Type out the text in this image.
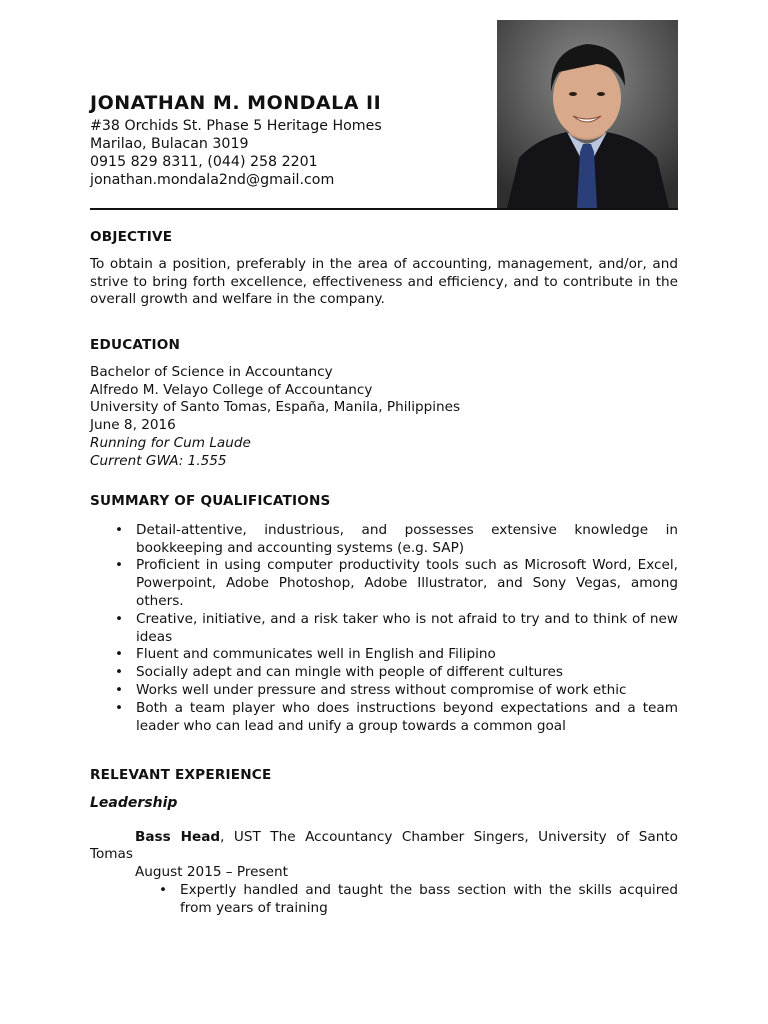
JONATHAN M. MONDALA II
#38 Orchids St. Phase 5 Heritage Homes
Marilao, Bulacan 3019
0915 829 8311, (044) 258 2201
jonathan.mondala2nd@gmail.com
OBJECTIVE
To obtain a position, preferably in the area of accounting, management, and/or, and strive to bring forth excellence, effectiveness and efficiency, and to contribute in the overall growth and welfare in the company.
EDUCATION
Bachelor of Science in Accountancy
Alfredo M. Velayo College of Accountancy
University of Santo Tomas, España, Manila, Philippines
June 8, 2016
Running for Cum Laude
Current GWA: 1.555
SUMMARY OF QUALIFICATIONS
• Detail-attentive, industrious, and possesses extensive knowledge in bookkeeping and accounting systems (e.g. SAP)
• Proficient in using computer productivity tools such as Microsoft Word, Excel, Powerpoint, Adobe Photoshop, Adobe Illustrator, and Sony Vegas, among others.
• Creative, initiative, and a risk taker who is not afraid to try and to think of new ideas
• Fluent and communicates well in English and Filipino
• Socially adept and can mingle with people of different cultures
• Works well under pressure and stress without compromise of work ethic
• Both a team player who does instructions beyond expectations and a team leader who can lead and unify a group towards a common goal
RELEVANT EXPERIENCE
Leadership
Bass Head, UST The Accountancy Chamber Singers, University of Santo Tomas
August 2015 – Present
• Expertly handled and taught the bass section with the skills acquired from years of training
